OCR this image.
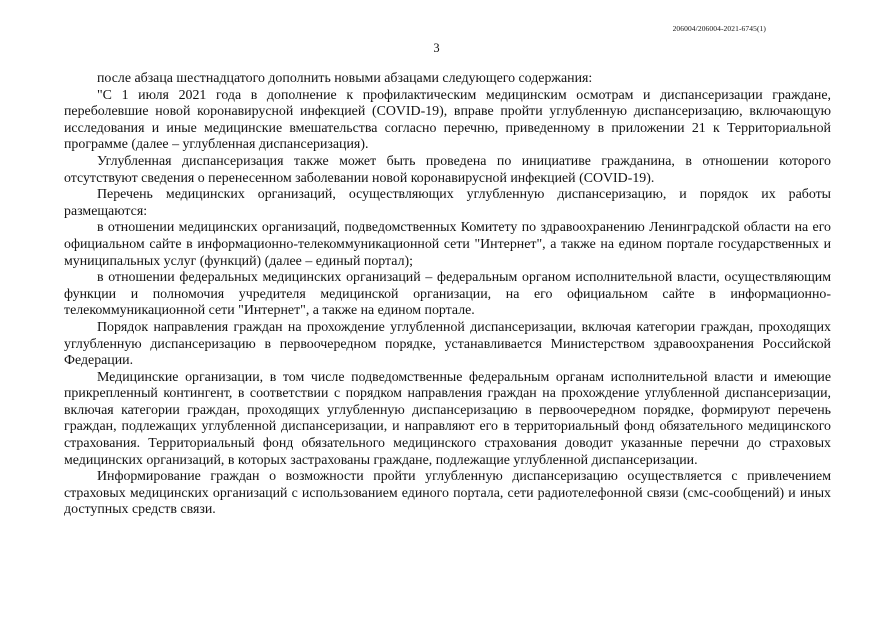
206004/206004-2021-6745(1)
3

после абзаца шестнадцатого дополнить новыми абзацами следующего содержания:

"С 1 июля 2021 года в дополнение к профилактическим медицинским осмотрам и диспансеризации граждане, переболевшие новой коронавирусной инфекцией (COVID-19), вправе пройти углубленную диспансеризацию, включающую исследования и иные медицинские вмешательства согласно перечню, приведенному в приложении 21 к Территориальной программе (далее – углубленная диспансеризация).

Углубленная диспансеризация также может быть проведена по инициативе гражданина, в отношении которого отсутствуют сведения о перенесенном заболевании новой коронавирусной инфекцией (COVID-19).

Перечень медицинских организаций, осуществляющих углубленную диспансеризацию, и порядок их работы размещаются:

в отношении медицинских организаций, подведомственных Комитету по здравоохранению Ленинградской области на его официальном сайте в информационно-телекоммуникационной сети "Интернет", а также на едином портале государственных и муниципальных услуг (функций) (далее – единый портал);

в отношении федеральных медицинских организаций – федеральным органом исполнительной власти, осуществляющим функции и полномочия учредителя медицинской организации, на его официальном сайте в информационно-телекоммуникационной сети "Интернет", а также на едином портале.

Порядок направления граждан на прохождение углубленной диспансеризации, включая категории граждан, проходящих углубленную диспансеризацию в первоочередном порядке, устанавливается Министерством здравоохранения Российской Федерации.

Медицинские организации, в том числе подведомственные федеральным органам исполнительной власти и имеющие прикрепленный контингент, в соответствии с порядком направления граждан на прохождение углубленной диспансеризации, включая категории граждан, проходящих углубленную диспансеризацию в первоочередном порядке, формируют перечень граждан, подлежащих углубленной диспансеризации, и направляют его в территориальный фонд обязательного медицинского страхования. Территориальный фонд обязательного медицинского страхования доводит указанные перечни до страховых медицинских организаций, в которых застрахованы граждане, подлежащие углубленной диспансеризации.

Информирование граждан о возможности пройти углубленную диспансеризацию осуществляется с привлечением страховых медицинских организаций с использованием единого портала, сети радиотелефонной связи (смс-сообщений) и иных доступных средств связи.
